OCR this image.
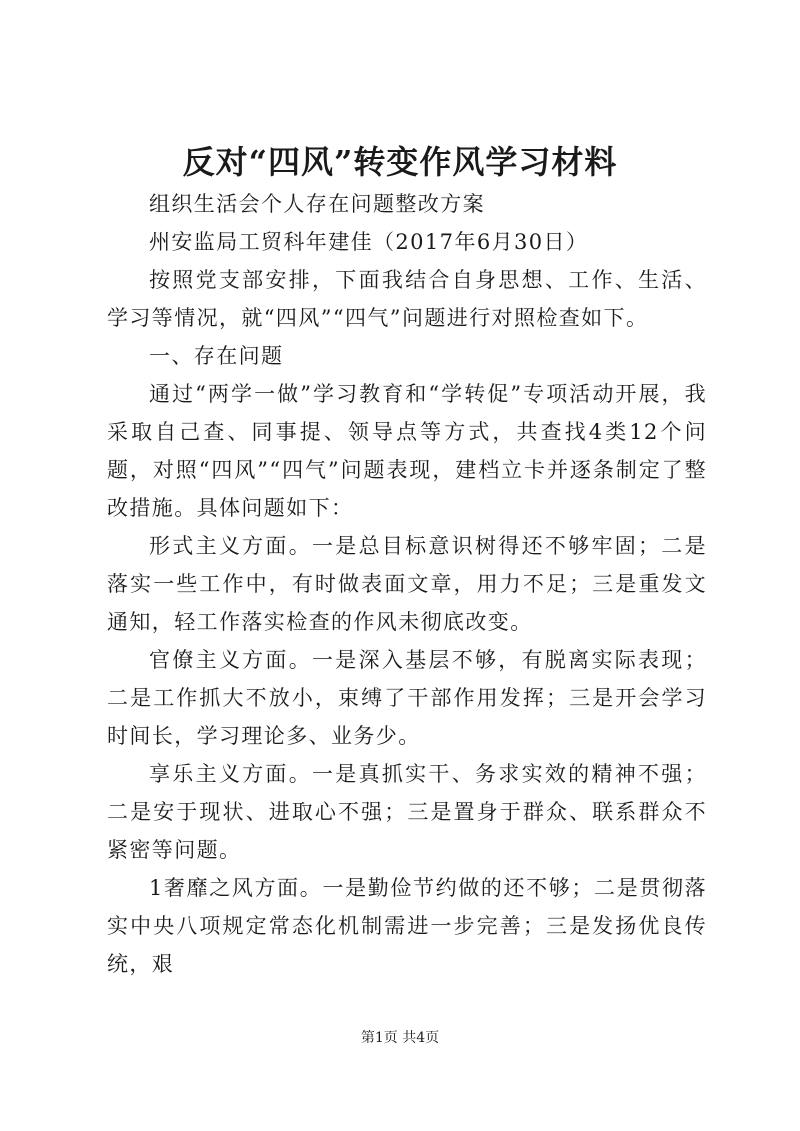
反对“四风”转变作风学习材料

组织生活会个人存在问题整改方案

州安监局工贸科年建佳（2017年6月30日）

按照党支部安排，下面我结合自身思想、工作、生活、学习等情况，就“四风”“四气”问题进行对照检查如下。

一、存在问题

通过“两学一做”学习教育和“学转促”专项活动开展，我采取自己查、同事提、领导点等方式，共查找4类12个问题，对照“四风”“四气”问题表现，建档立卡并逐条制定了整改措施。具体问题如下：

形式主义方面。一是总目标意识树得还不够牢固；二是落实一些工作中，有时做表面文章，用力不足；三是重发文通知，轻工作落实检查的作风未彻底改变。

官僚主义方面。一是深入基层不够，有脱离实际表现；二是工作抓大不放小，束缚了干部作用发挥；三是开会学习时间长，学习理论多、业务少。

享乐主义方面。一是真抓实干、务求实效的精神不强；二是安于现状、进取心不强；三是置身于群众、联系群众不紧密等问题。

1奢靡之风方面。一是勤俭节约做的还不够；二是贯彻落实中央八项规定常态化机制需进一步完善；三是发扬优良传统，艰

第1页 共4页
